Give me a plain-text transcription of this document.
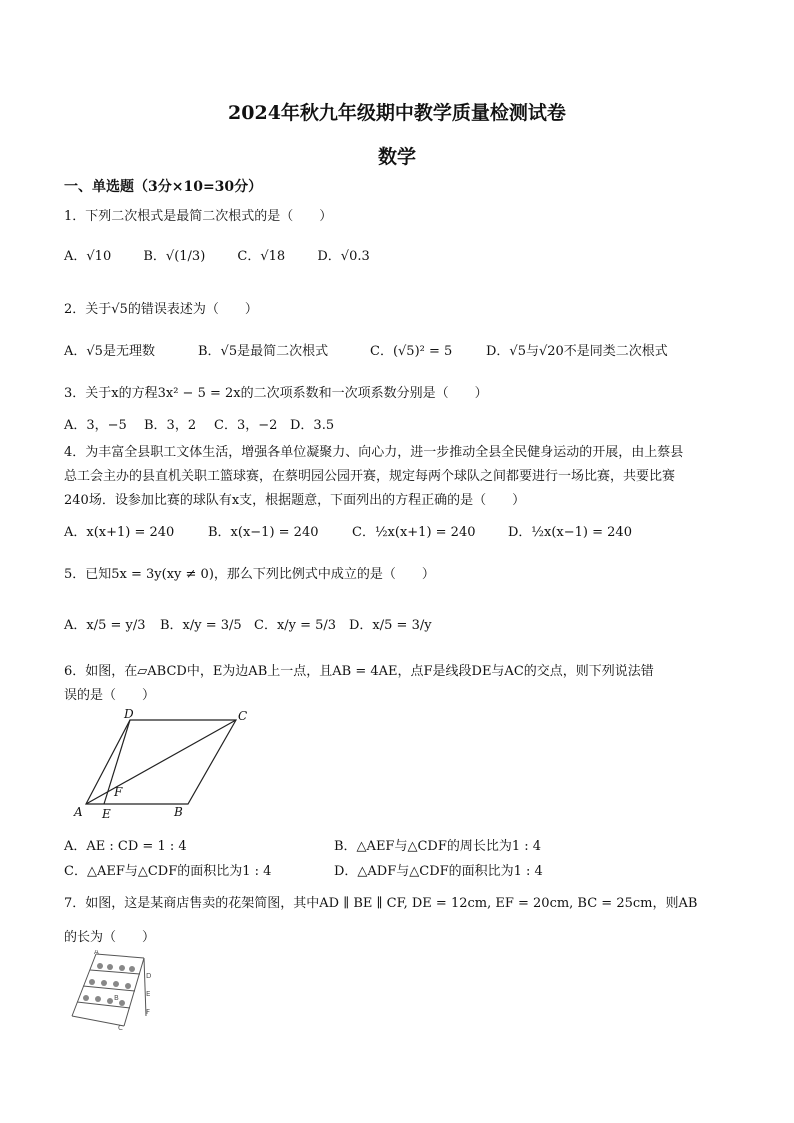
2024年秋九年级期中教学质量检测试卷
数学
一、单选题（3分×10=30分）
1．下列二次根式是最简二次根式的是（　　）
A．√10 B．√(1/3) C．√18 D．√0.3
2．关于√5的错误表述为（　　）
A．√5是无理数	B．√5是最简二次根式	C．(√5)² = 5	D．√5与√20不是同类二次根式
3．关于x的方程3x² − 5 = 2x的二次项系数和一次项系数分别是（　　）
A．3，−5 B．3，2 C．3，−2 D．3.5
4．为丰富全县职工文体生活，增强各单位凝聚力、向心力，进一步推动全县全民健身运动的开展，由上蔡县
总工会主办的县直机关职工篮球赛，在蔡明园公园开赛，规定每两个球队之间都要进行一场比赛，共要比赛
240场．设参加比赛的球队有x支，根据题意，下面列出的方程正确的是（　　）
A．x(x+1) = 240	B．x(x−1) = 240	C．½x(x+1) = 240	D．½x(x−1) = 240
5．已知5x = 3y(xy ≠ 0)，那么下列比例式中成立的是（　　）
A．x/5 = y/3 B．x/y = 3/5 C．x/y = 5/3 D．x/5 = 3/y
6．如图，在▱ABCD中，E为边AB上一点，且AB = 4AE，点F是线段DE与AC的交点，则下列说法错
误的是（　　）
D	C
F
A E	B
A．AE : CD = 1 : 4	B．△AEF与△CDF的周长比为1 : 4
C．△AEF与△CDF的面积比为1 : 4	D．△ADF与△CDF的面积比为1 : 4
7．如图，这是某商店售卖的花架简图，其中AD ∥ BE ∥ CF, DE = 12cm, EF = 20cm, BC = 25cm，则AB
的长为（　　）
A
B
C
D
E
F
